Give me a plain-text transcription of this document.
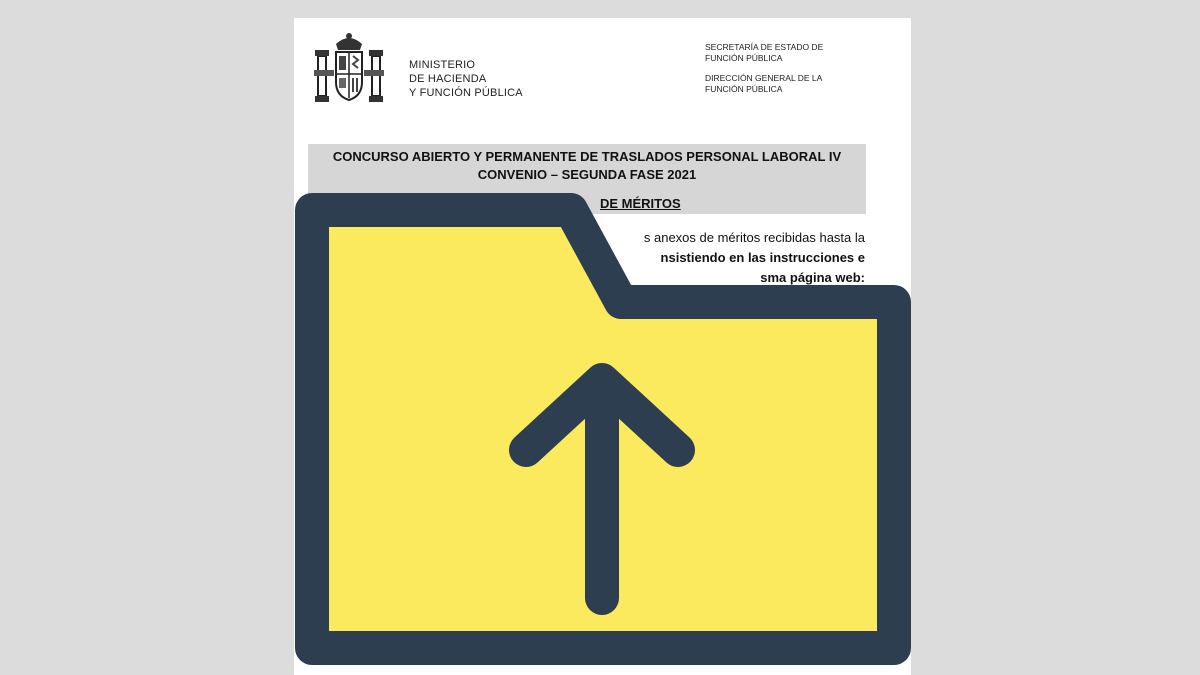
MINISTERIO
DE HACIENDA
Y FUNCIÓN PÚBLICA
SECRETARÍA DE ESTADO DE
FUNCIÓN PÚBLICA
DIRECCIÓN GENERAL DE LA
FUNCIÓN PÚBLICA
CONCURSO ABIERTO Y PERMANENTE DE TRASLADOS PERSONAL LABORAL IV
CONVENIO – SEGUNDA FASE 2021
DE MÉRITOS
s anexos de méritos recibidas hasta la
nsistiendo en las instrucciones e
sma página web:
